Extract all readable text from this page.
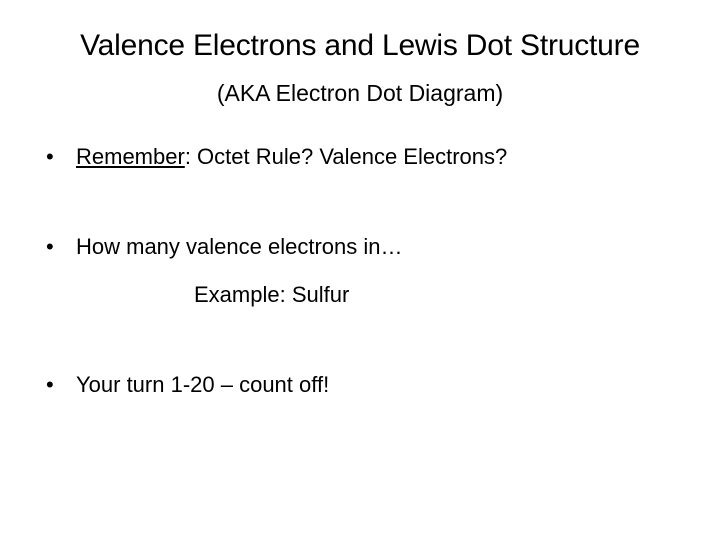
Valence Electrons and Lewis Dot Structure
(AKA Electron Dot Diagram)
• Remember: Octet Rule? Valence Electrons?
• How many valence electrons in…
Example: Sulfur
• Your turn 1-20 – count off!
